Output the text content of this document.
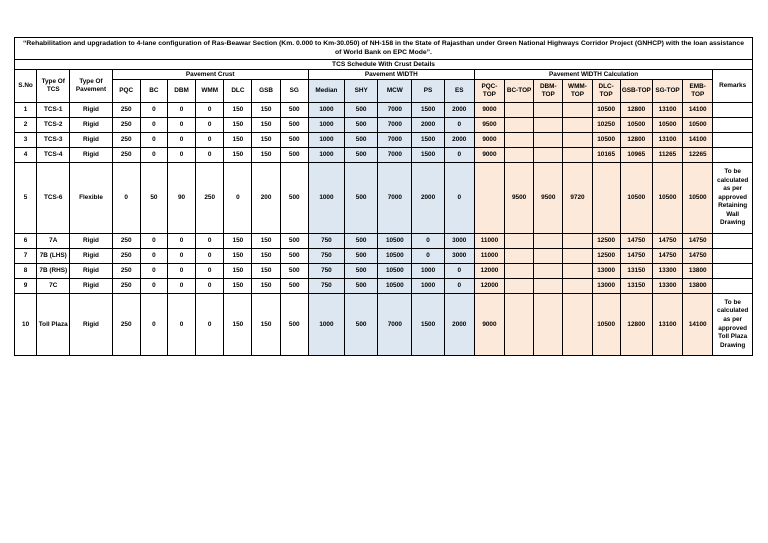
“Rehabilitation and upgradation to 4-lane configuration of Ras-Beawar Section (Km. 0.000 to Km-30.050) of NH-158 in the State of Rajasthan under Green National Highways Corridor Project (GNHCP) with the loan assistance of World Bank on EPC Mode”.																							
TCS Schedule With Crust Details																							
S.No	Type Of TCS	Type Of Pavement	Pavement Crust							Pavement WIDTH					Pavement WIDTH Calculation								Remarks
			PQC	BC	DBM	WMM	DLC	GSB	SG	Median	SHY	MCW	PS	ES	PQC-TOP	BC-TOP	DBM-TOP	WMM-TOP	DLC-TOP	GSB-TOP	SG-TOP	EMB-TOP	
1	TCS-1	Rigid	250	0	0	0	150	150	500	1000	500	7000	1500	2000	9000				10500	12800	13100	14100	
2	TCS-2	Rigid	250	0	0	0	150	150	500	1000	500	7000	2000	0	9500				10250	10500	10500	10500	
3	TCS-3	Rigid	250	0	0	0	150	150	500	1000	500	7000	1500	2000	9000				10500	12800	13100	14100	
4	TCS-4	Rigid	250	0	0	0	150	150	500	1000	500	7000	1500	0	9000				10165	10965	11265	12265	
5	TCS-6	Flexible	0	50	90	250	0	200	500	1000	500	7000	2000	0		9500	9500	9720		10500	10500	10500	To be calculated as per approved Retaining Wall Drawing
6	7A	Rigid	250	0	0	0	150	150	500	750	500	10500	0	3000	11000				12500	14750	14750	14750	
7	7B (LHS)	Rigid	250	0	0	0	150	150	500	750	500	10500	0	3000	11000				12500	14750	14750	14750	
8	7B (RHS)	Rigid	250	0	0	0	150	150	500	750	500	10500	1000	0	12000				13000	13150	13300	13800	
9	7C	Rigid	250	0	0	0	150	150	500	750	500	10500	1000	0	12000				13000	13150	13300	13800	
10	Toll Plaza	Rigid	250	0	0	0	150	150	500	1000	500	7000	1500	2000	9000				10500	12800	13100	14100	To be calculated as per approved Toll Plaza Drawing
